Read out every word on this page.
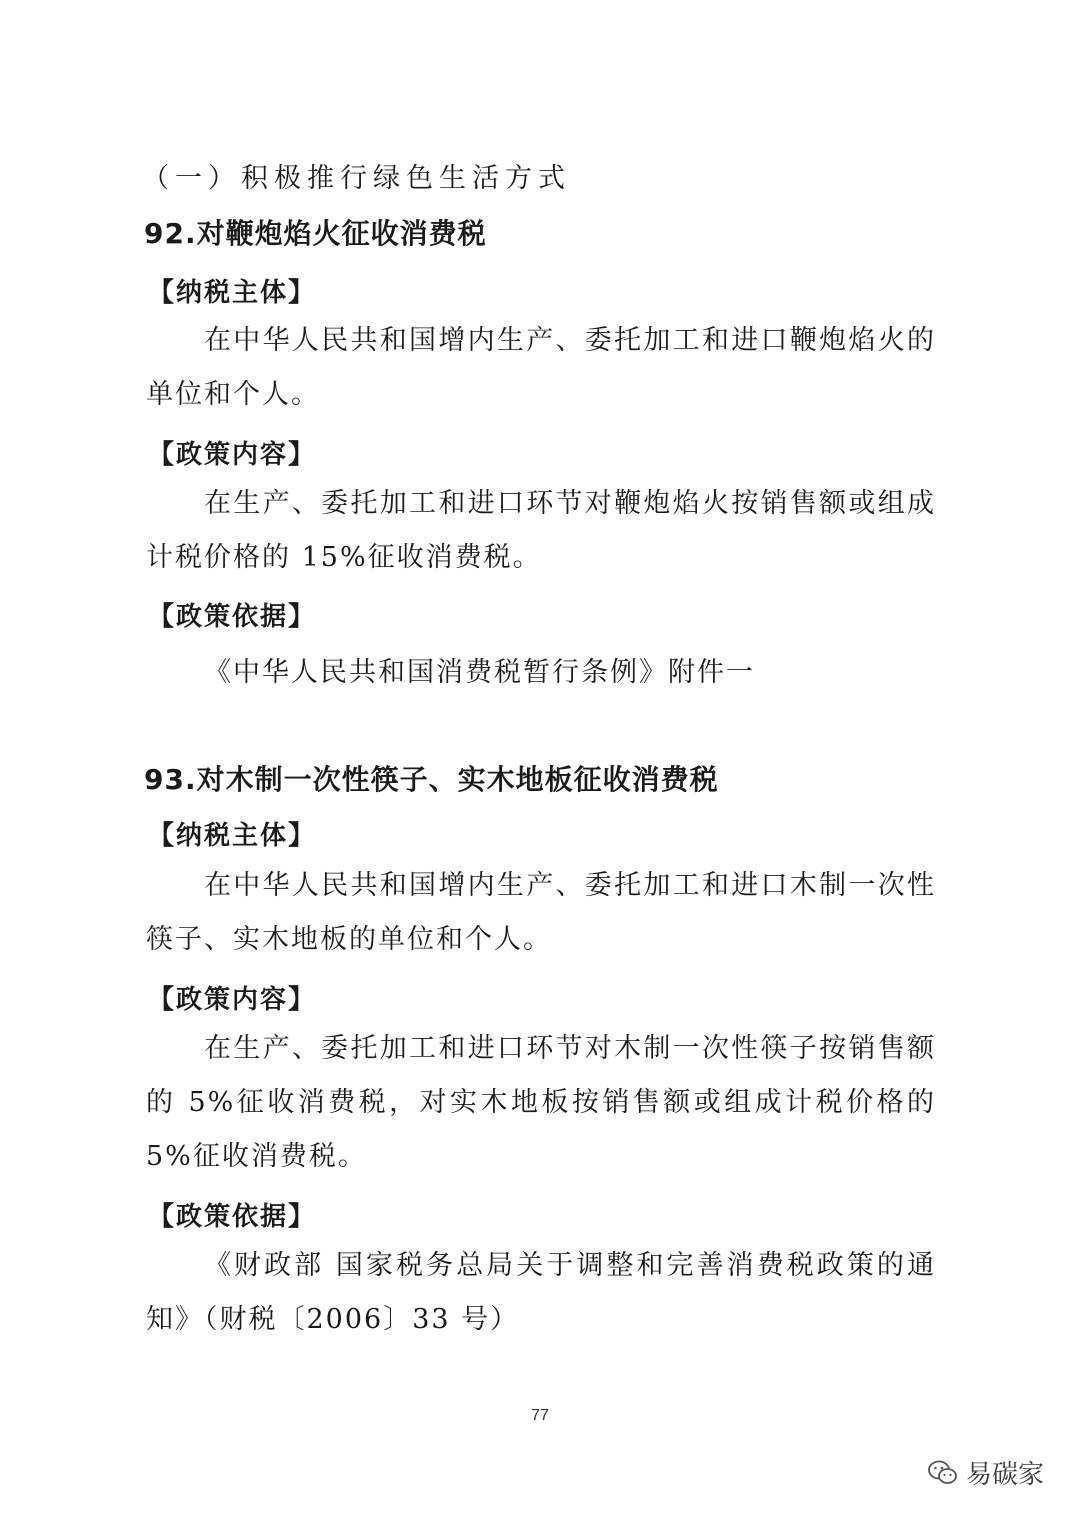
（一）积极推行绿色生活方式
92.对鞭炮焰火征收消费税
【纳税主体】
在中华人民共和国增内生产、委托加工和进口鞭炮焰火的单位和个人。
【政策内容】
在生产、委托加工和进口环节对鞭炮焰火按销售额或组成计税价格的 15%征收消费税。
【政策依据】
《中华人民共和国消费税暂行条例》附件一
93.对木制一次性筷子、实木地板征收消费税
【纳税主体】
在中华人民共和国增内生产、委托加工和进口木制一次性筷子、实木地板的单位和个人。
【政策内容】
在生产、委托加工和进口环节对木制一次性筷子按销售额的 5%征收消费税，对实木地板按销售额或组成计税价格的 5%征收消费税。
【政策依据】
《财政部 国家税务总局关于调整和完善消费税政策的通知》（财税〔2006〕33 号）
77
易碳家
